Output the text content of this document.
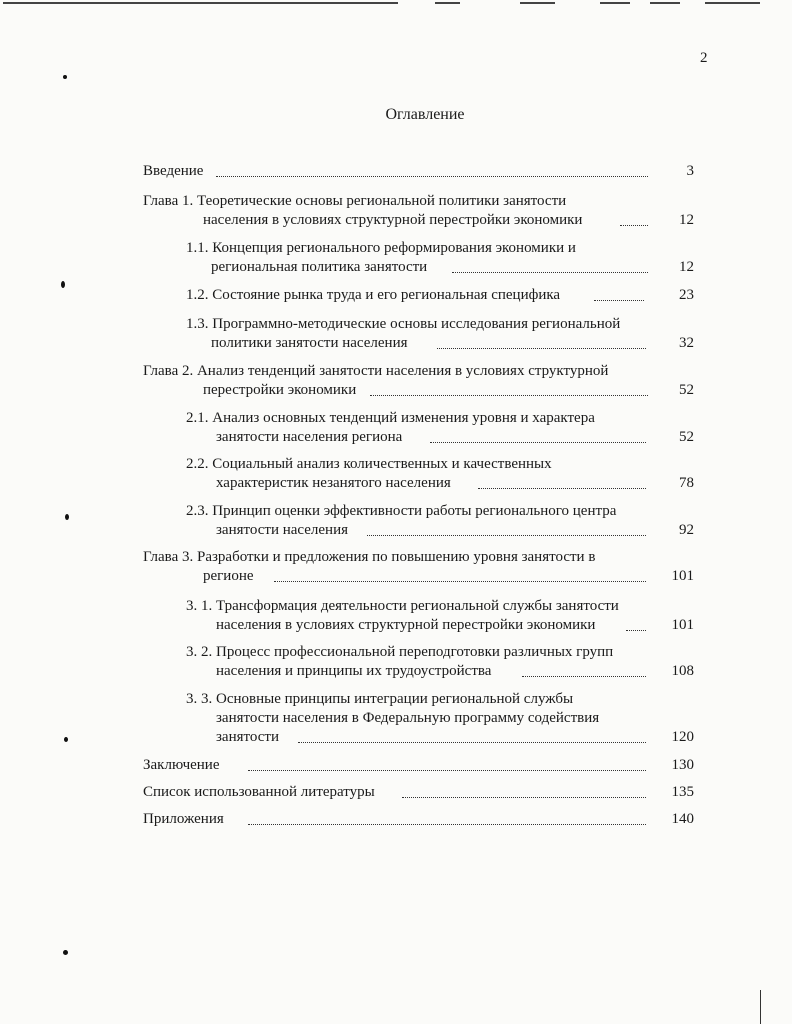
2
Оглавление
Введение	3
Глава 1. Теоретические основы региональной политики занятости
населения в условиях структурной перестройки экономики	12
1.1. Концепция регионального реформирования экономики и
региональная политика занятости	12
1.2. Состояние рынка труда и его региональная специфика	23
1.3. Программно-методические основы исследования региональной
политики занятости населения	32
Глава 2. Анализ тенденций занятости населения в условиях структурной
перестройки экономики	52
2.1. Анализ основных тенденций изменения уровня и характера
занятости населения региона	52
2.2. Социальный анализ количественных и качественных
характеристик незанятого населения	78
2.3. Принцип оценки эффективности работы регионального центра
занятости населения	92
Глава 3. Разработки и предложения по повышению уровня занятости в
регионе	101
3. 1. Трансформация деятельности региональной службы занятости
населения в условиях структурной перестройки экономики	101
3. 2. Процесс профессиональной переподготовки различных групп
населения и принципы их трудоустройства	108
3. 3. Основные принципы интеграции региональной службы
занятости населения в Федеральную программу содействия
занятости	120
Заключение	130
Список использованной литературы	135
Приложения	140
